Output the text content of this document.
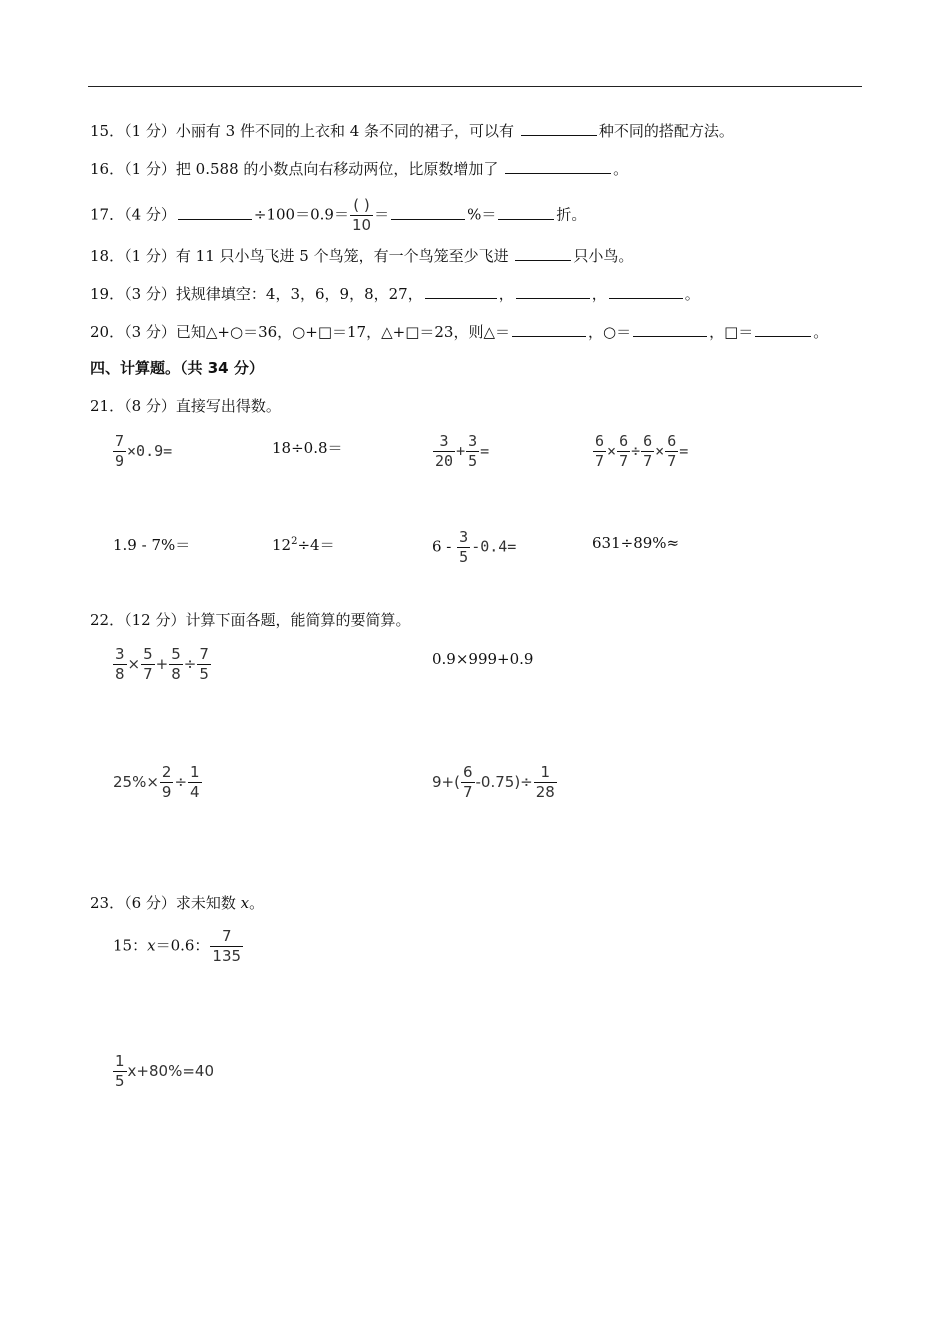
15．（1 分）小丽有 3 件不同的上衣和 4 条不同的裙子，可以有	种不同的搭配方法。
16．（1 分）把 0.588 的小数点向右移动两位，比原数增加了	。
17．（4 分）	$\div 100=0.9= \frac{( )}{10}$ ＝	%＝	折。
18．（1 分）有 11 只小鸟飞进 5 个鸟笼，有一个鸟笼至少飞进	只小鸟。
19．（3 分）找规律填空：4，3，6，9，8，27，	，	，	。
20．（3 分）已知△+○＝36，○+□＝17，△+□＝23，则△＝	，○＝	，□＝	。
四、计算题。（共 34 分）
21．（8 分）直接写出得数。
$\frac{7}{9} \times 0.9=$	18÷0.8＝	$\frac{3}{20} + \frac{3}{5}$ =	$\frac{6}{7} \times \frac{6}{7} \div \frac{6}{7} \times \frac{6}{7}$ =
1.9 - 7%＝	$12^2\div 4=$	$6 - \frac{3}{5} -0.4=$	631÷89%≈
22．（12 分）计算下面各题，能简算的要简算。
$\frac{3}{8} \times \frac{5}{7} + \frac{5}{8} \div \frac{7}{5}$	0.9×999+0.9
$25\%\times \frac{2}{9} \div \frac{1}{4}$	$9+( \frac{6}{7} -0.75)\div \frac{1}{28}$
23．（6 分）求未知数 x。
15：x＝0.6： $\frac{7}{135}$
$\frac{1}{5} x+80\%=40$
